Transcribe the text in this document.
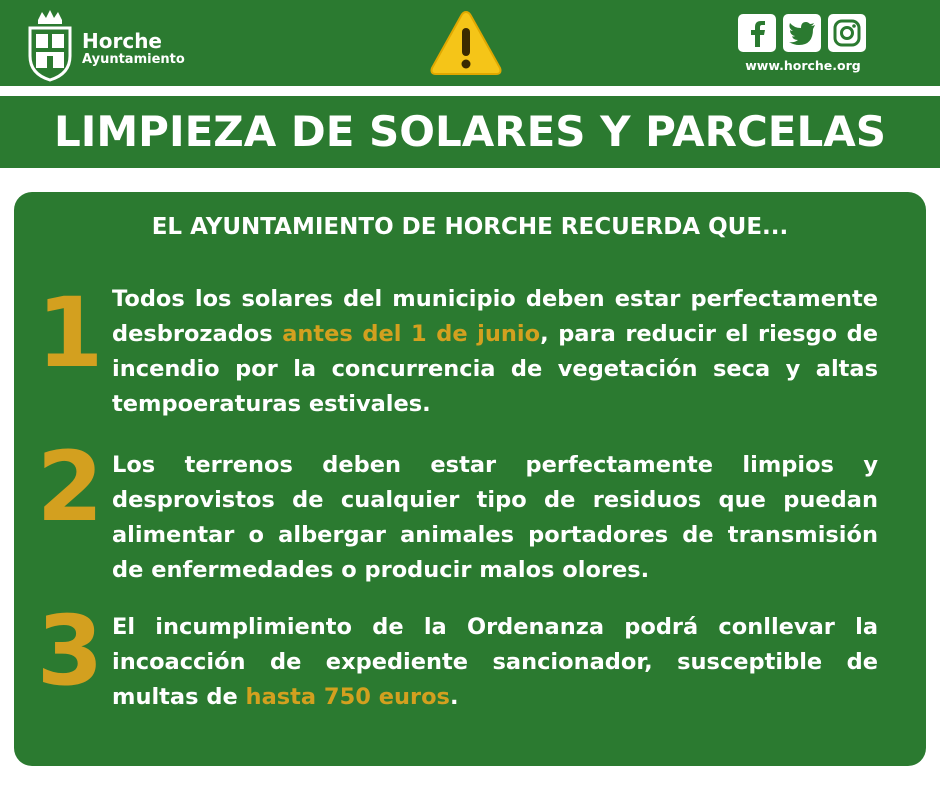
Horche
Ayuntamiento	www.horche.org
LIMPIEZA DE SOLARES Y PARCELAS
EL AYUNTAMIENTO DE HORCHE RECUERDA QUE...
1 Todos los solares del municipio deben estar perfectamente desbrozados antes del 1 de junio, para reducir el riesgo de incendio por la concurrencia de vegetación seca y altas tempoeraturas estivales.
2 Los terrenos deben estar perfectamente limpios y desprovistos de cualquier tipo de residuos que puedan alimentar o albergar animales portadores de transmisión de enfermedades o producir malos olores.
3 El incumplimiento de la Ordenanza podrá conllevar la incoacción de expediente sancionador, susceptible de multas de hasta 750 euros.
